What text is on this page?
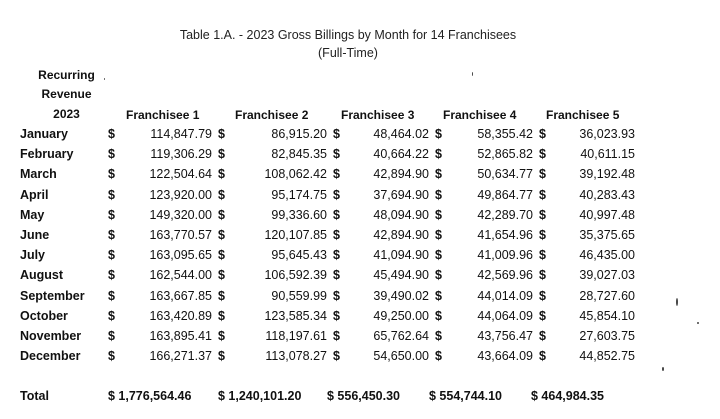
Table 1.A. - 2023 Gross Billings by Month for 14 Franchisees
(Full-Time)
Recurring
Revenue
2023	Franchisee 1	Franchisee 2	Franchisee 3 Franchisee 4 Franchisee 5
January	$	114,847.79		$	86,915.20		$	48,464.02		$	58,355.42		$	36,023.93
February	$	119,306.29		$	82,845.35		$	40,664.22		$	52,865.82		$	40,611.15
March	$	122,504.64		$	108,062.42		$	42,894.90		$	50,634.77		$	39,192.48
April	$	123,920.00		$	95,174.75		$	37,694.90		$	49,864.77		$	40,283.43
May	$	149,320.00		$	99,336.60		$	48,094.90		$	42,289.70		$	40,997.48
June	$	163,770.57		$	120,107.85		$	42,894.90		$	41,654.96		$	35,375.65
July	$	163,095.65		$	95,645.43		$	41,094.90		$	41,009.96		$	46,435.00
August	$	162,544.00		$	106,592.39		$	45,494.90		$	42,569.96		$	39,027.03
September	$	163,667.85		$	90,559.99		$	39,490.02		$	44,014.09		$	28,727.60
October	$	163,420.89		$	123,585.34		$	49,250.00		$	44,064.09		$	45,854.10
November	$	163,895.41		$	118,197.61		$	65,762.64		$	43,756.47		$	27,603.75
December	$	166,271.37		$	113,078.27		$	54,650.00		$	43,664.09		$	44,852.75
Total	$ 1,776,564.46	$ 1,240,101.20	$ 556,450.30	$ 554,744.10	$ 464,984.35
